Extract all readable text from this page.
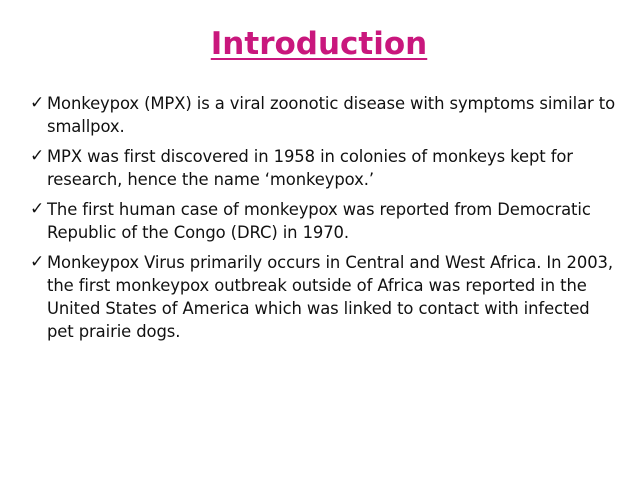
Introduction
✓ Monkeypox (MPX) is a viral zoonotic disease with symptoms similar to smallpox.
✓ MPX was first discovered in 1958 in colonies of monkeys kept for research, hence the name ‘monkeypox.’
✓ The first human case of monkeypox was reported from Democratic Republic of the Congo (DRC) in 1970.
✓ Monkeypox Virus primarily occurs in Central and West Africa. In 2003, the first monkeypox outbreak outside of Africa was reported in the United States of America which was linked to contact with infected pet prairie dogs.
